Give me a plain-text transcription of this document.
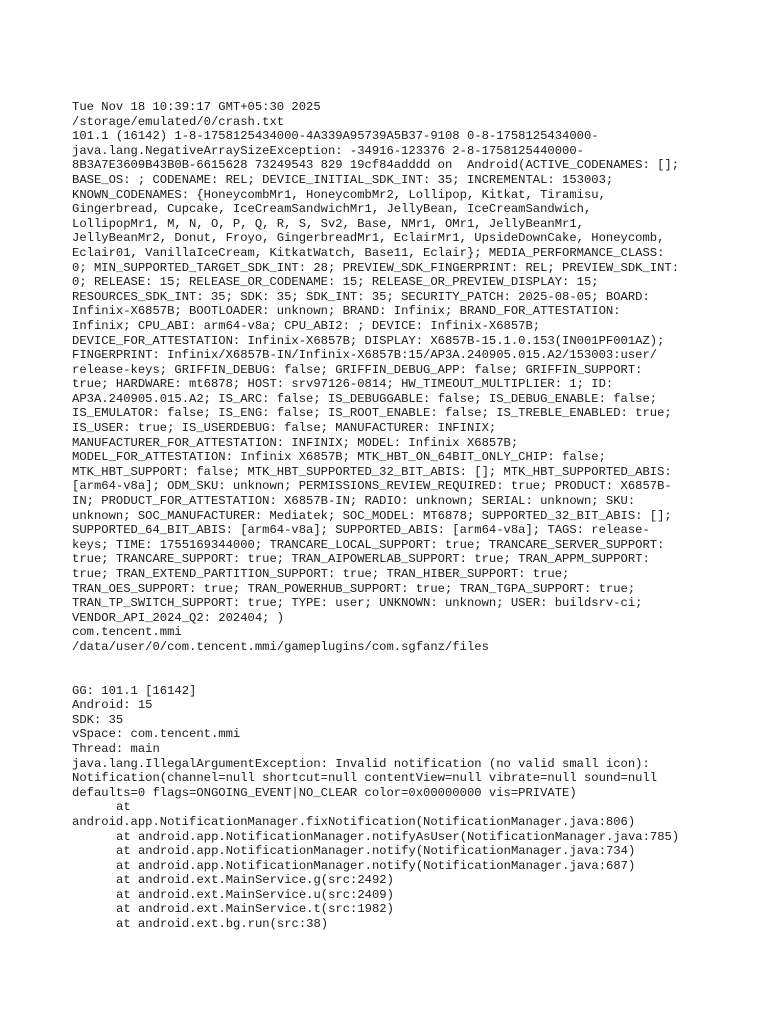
Tue Nov 18 10:39:17 GMT+05:30 2025
/storage/emulated/0/crash.txt
101.1 (16142) 1-8-1758125434000-4A339A95739A5B37-9108 0-8-1758125434000-
java.lang.NegativeArraySizeException: -34916-123376 2-8-1758125440000-
8B3A7E3609B43B0B-6615628 73249543 829 19cf84adddd on  Android(ACTIVE_CODENAMES: [];
BASE_OS: ; CODENAME: REL; DEVICE_INITIAL_SDK_INT: 35; INCREMENTAL: 153003;
KNOWN_CODENAMES: {HoneycombMr1, HoneycombMr2, Lollipop, Kitkat, Tiramisu,
Gingerbread, Cupcake, IceCreamSandwichMr1, JellyBean, IceCreamSandwich,
LollipopMr1, M, N, O, P, Q, R, S, Sv2, Base, NMr1, OMr1, JellyBeanMr1,
JellyBeanMr2, Donut, Froyo, GingerbreadMr1, EclairMr1, UpsideDownCake, Honeycomb,
Eclair01, VanillaIceCream, KitkatWatch, Base11, Eclair}; MEDIA_PERFORMANCE_CLASS:
0; MIN_SUPPORTED_TARGET_SDK_INT: 28; PREVIEW_SDK_FINGERPRINT: REL; PREVIEW_SDK_INT:
0; RELEASE: 15; RELEASE_OR_CODENAME: 15; RELEASE_OR_PREVIEW_DISPLAY: 15;
RESOURCES_SDK_INT: 35; SDK: 35; SDK_INT: 35; SECURITY_PATCH: 2025-08-05; BOARD:
Infinix-X6857B; BOOTLOADER: unknown; BRAND: Infinix; BRAND_FOR_ATTESTATION:
Infinix; CPU_ABI: arm64-v8a; CPU_ABI2: ; DEVICE: Infinix-X6857B;
DEVICE_FOR_ATTESTATION: Infinix-X6857B; DISPLAY: X6857B-15.1.0.153(IN001PF001AZ);
FINGERPRINT: Infinix/X6857B-IN/Infinix-X6857B:15/AP3A.240905.015.A2/153003:user/
release-keys; GRIFFIN_DEBUG: false; GRIFFIN_DEBUG_APP: false; GRIFFIN_SUPPORT:
true; HARDWARE: mt6878; HOST: srv97126-0814; HW_TIMEOUT_MULTIPLIER: 1; ID:
AP3A.240905.015.A2; IS_ARC: false; IS_DEBUGGABLE: false; IS_DEBUG_ENABLE: false;
IS_EMULATOR: false; IS_ENG: false; IS_ROOT_ENABLE: false; IS_TREBLE_ENABLED: true;
IS_USER: true; IS_USERDEBUG: false; MANUFACTURER: INFINIX;
MANUFACTURER_FOR_ATTESTATION: INFINIX; MODEL: Infinix X6857B;
MODEL_FOR_ATTESTATION: Infinix X6857B; MTK_HBT_ON_64BIT_ONLY_CHIP: false;
MTK_HBT_SUPPORT: false; MTK_HBT_SUPPORTED_32_BIT_ABIS: []; MTK_HBT_SUPPORTED_ABIS:
[arm64-v8a]; ODM_SKU: unknown; PERMISSIONS_REVIEW_REQUIRED: true; PRODUCT: X6857B-
IN; PRODUCT_FOR_ATTESTATION: X6857B-IN; RADIO: unknown; SERIAL: unknown; SKU:
unknown; SOC_MANUFACTURER: Mediatek; SOC_MODEL: MT6878; SUPPORTED_32_BIT_ABIS: [];
SUPPORTED_64_BIT_ABIS: [arm64-v8a]; SUPPORTED_ABIS: [arm64-v8a]; TAGS: release-
keys; TIME: 1755169344000; TRANCARE_LOCAL_SUPPORT: true; TRANCARE_SERVER_SUPPORT:
true; TRANCARE_SUPPORT: true; TRAN_AIPOWERLAB_SUPPORT: true; TRAN_APPM_SUPPORT:
true; TRAN_EXTEND_PARTITION_SUPPORT: true; TRAN_HIBER_SUPPORT: true;
TRAN_OES_SUPPORT: true; TRAN_POWERHUB_SUPPORT: true; TRAN_TGPA_SUPPORT: true;
TRAN_TP_SWITCH_SUPPORT: true; TYPE: user; UNKNOWN: unknown; USER: buildsrv-ci;
VENDOR_API_2024_Q2: 202404; )
com.tencent.mmi
/data/user/0/com.tencent.mmi/gameplugins/com.sgfanz/files
GG: 101.1 [16142]
Android: 15
SDK: 35
vSpace: com.tencent.mmi
Thread: main
java.lang.IllegalArgumentException: Invalid notification (no valid small icon):
Notification(channel=null shortcut=null contentView=null vibrate=null sound=null
defaults=0 flags=ONGOING_EVENT|NO_CLEAR color=0x00000000 vis=PRIVATE)
at
android.app.NotificationManager.fixNotification(NotificationManager.java:806)
at android.app.NotificationManager.notifyAsUser(NotificationManager.java:785)
at android.app.NotificationManager.notify(NotificationManager.java:734)
at android.app.NotificationManager.notify(NotificationManager.java:687)
at android.ext.MainService.g(src:2492)
at android.ext.MainService.u(src:2409)
at android.ext.MainService.t(src:1982)
at android.ext.bg.run(src:38)
